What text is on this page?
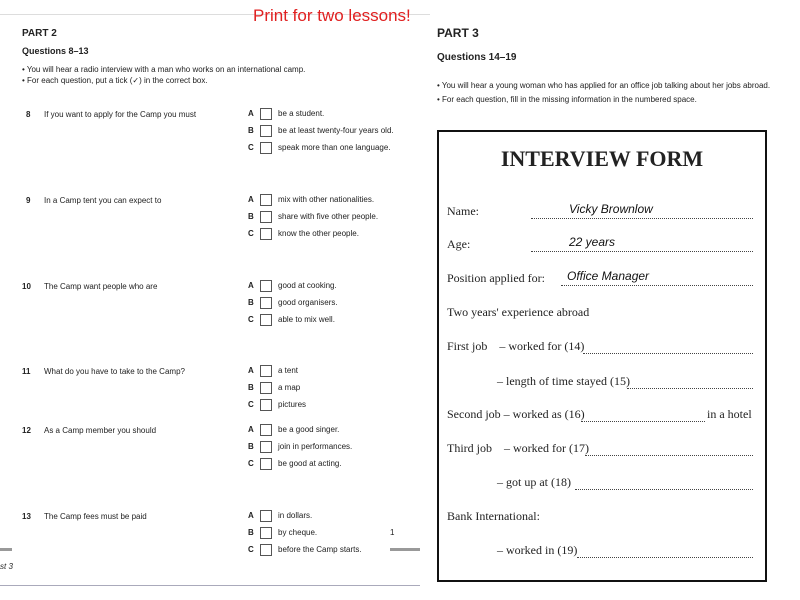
Print for two lessons!
PART 2
Questions 8–13
• You will hear a radio interview with a man who works on an international camp.
• For each question, put a tick (✓) in the correct box.
8 If you want to apply for the Camp you must	A	be a student.
B	be at least twenty-four years old.
C	speak more than one language.
9 In a Camp tent you can expect to	A	mix with other nationalities.
B	share with five other people.
C	know the other people.
10 The Camp want people who are	A	good at cooking.
B	good organisers.
C	able to mix well.
11 What do you have to take to the Camp?	A	a tent
B	a map
C	pictures
12 As a Camp member you should	A	be a good singer.
B	join in performances.
C	be good at acting.
13 The Camp fees must be paid	A	in dollars.
B	by cheque.
C	before the Camp starts.
1
st 3
PART 3
Questions 14–19
• You will hear a young woman who has applied for an office job talking about her jobs abroad.
• For each question, fill in the missing information in the numbered space.
INTERVIEW FORM
Name:	Vicky Brownlow
Age:	22 years
Position applied for: Office Manager
Two years' experience abroad
First job    – worked for (14)
– length of time stayed (15)
Second job – worked as (16)	in a hotel
Third job    – worked for (17)
– got up at (18)
Bank International:
– worked in (19)
